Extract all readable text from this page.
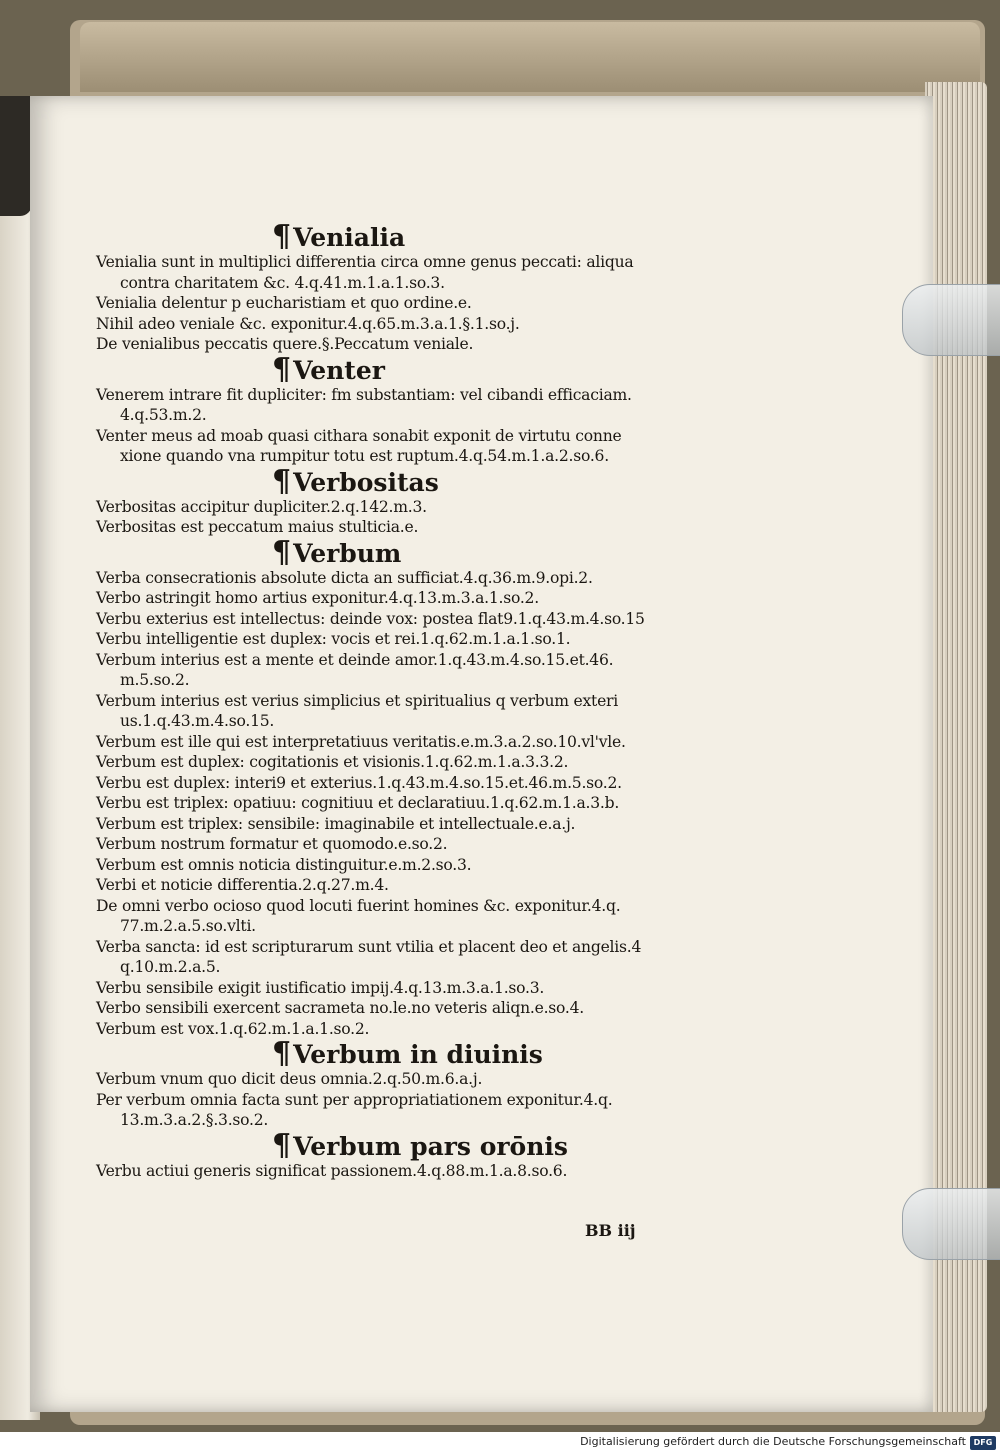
¶Venialia
Venialia sunt in multiplici differentia circa omne genus peccati: aliqua
contra charitatem &c. 4.q.41.m.1.a.1.so.3.
Venialia delentur p eucharistiam et quo ordine.e.
Nihil adeo veniale &c. exponitur.4.q.65.m.3.a.1.§.1.so.j.
De venialibus peccatis quere.§.Peccatum veniale.
¶Venter
Venerem intrare fit dupliciter: fm substantiam: vel cibandi efficaciam.
4.q.53.m.2.
Venter meus ad moab quasi cithara sonabit exponit de virtutu conne
xione quando vna rumpitur totu est ruptum.4.q.54.m.1.a.2.so.6.
¶Verbositas
Verbositas accipitur dupliciter.2.q.142.m.3.
Verbositas est peccatum maius stulticia.e.
¶Verbum
Verba consecrationis absolute dicta an sufficiat.4.q.36.m.9.opi.2.
Verbo astringit homo artius exponitur.4.q.13.m.3.a.1.so.2.
Verbu exterius est intellectus: deinde vox: postea flat9.1.q.43.m.4.so.15
Verbu intelligentie est duplex: vocis et rei.1.q.62.m.1.a.1.so.1.
Verbum interius est a mente et deinde amor.1.q.43.m.4.so.15.et.46.
m.5.so.2.
Verbum interius est verius simplicius et spiritualius q verbum exteri
us.1.q.43.m.4.so.15.
Verbum est ille qui est interpretatiuus veritatis.e.m.3.a.2.so.10.vl'vle.
Verbum est duplex: cogitationis et visionis.1.q.62.m.1.a.3.3.2.
Verbu est duplex: interi9 et exterius.1.q.43.m.4.so.15.et.46.m.5.so.2.
Verbu est triplex: opatiuu: cognitiuu et declaratiuu.1.q.62.m.1.a.3.b.
Verbum est triplex: sensibile: imaginabile et intellectuale.e.a.j.
Verbum nostrum formatur et quomodo.e.so.2.
Verbum est omnis noticia distinguitur.e.m.2.so.3.
Verbi et noticie differentia.2.q.27.m.4.
De omni verbo ocioso quod locuti fuerint homines &c. exponitur.4.q.
77.m.2.a.5.so.vlti.
Verba sancta: id est scripturarum sunt vtilia et placent deo et angelis.4
q.10.m.2.a.5.
Verbu sensibile exigit iustificatio impij.4.q.13.m.3.a.1.so.3.
Verbo sensibili exercent sacrameta no.le.no veteris aliqn.e.so.4.
Verbum est vox.1.q.62.m.1.a.1.so.2.
¶Verbum in diuinis
Verbum vnum quo dicit deus omnia.2.q.50.m.6.a.j.
Per verbum omnia facta sunt per appropriatiationem exponitur.4.q.
13.m.3.a.2.§.3.so.2.
¶Verbum pars orōnis
Verbu actiui generis significat passionem.4.q.88.m.1.a.8.so.6.
BB iij
Digitalisierung gefördert durch die Deutsche Forschungsgemeinschaft DFG
